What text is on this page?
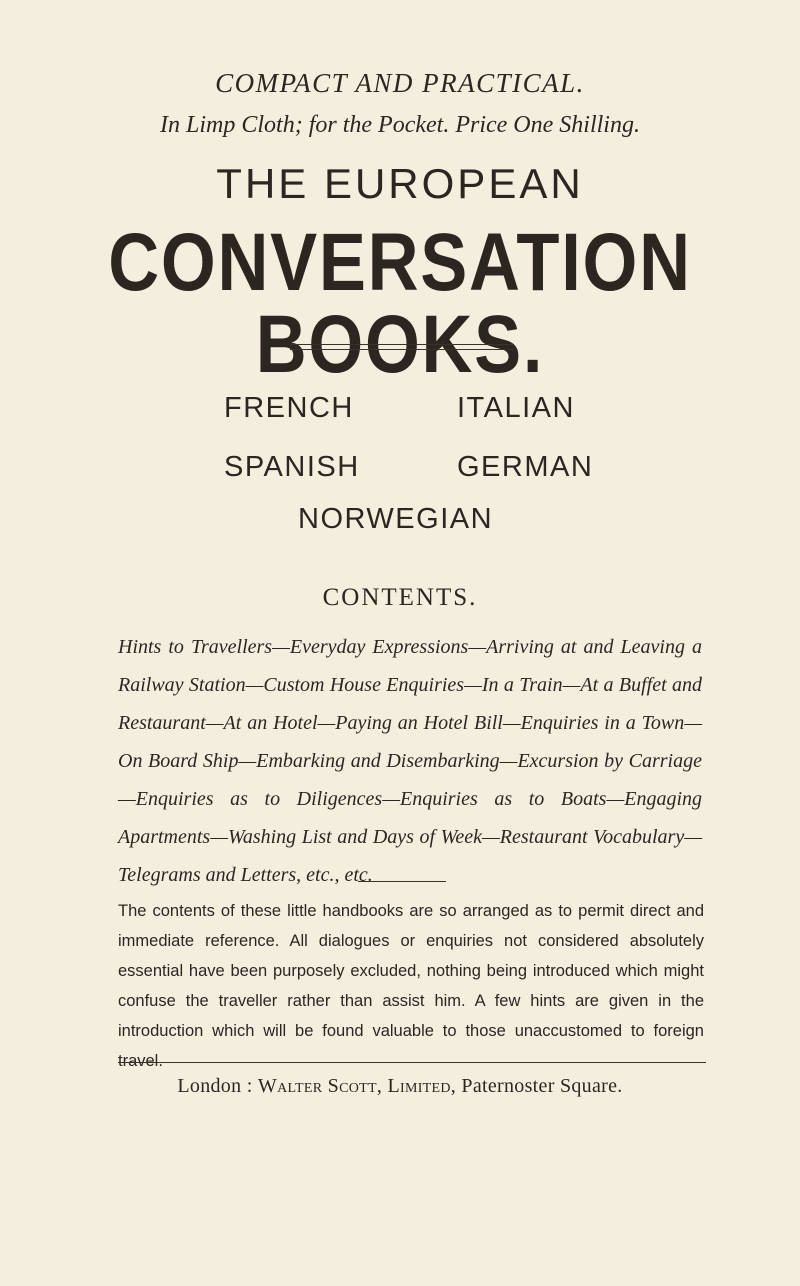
COMPACT AND PRACTICAL.
In Limp Cloth; for the Pocket. Price One Shilling.
THE EUROPEAN
CONVERSATION BOOKS.
FRENCH	ITALIAN
SPANISH	GERMAN
NORWEGIAN
CONTENTS.

Hints to Travellers—Everyday Expressions—Arriving at and Leaving a Railway Station—Custom House Enquiries—In a Train—At a Buffet and Restaurant—At an Hotel—Paying an Hotel Bill—Enquiries in a Town—On Board Ship—Embarking and Disembarking—Excursion by Carriage—Enquiries as to Diligences—Enquiries as to Boats—Engaging Apartments—Washing List and Days of Week—Restaurant Vocabulary—Telegrams and Letters, etc., etc.

The contents of these little handbooks are so arranged as to permit direct and immediate reference. All dialogues or enquiries not considered absolutely essential have been purposely excluded, nothing being introduced which might confuse the traveller rather than assist him. A few hints are given in the introduction which will be found valuable to those unaccustomed to foreign travel.

London : Walter Scott, Limited, Paternoster Square.
